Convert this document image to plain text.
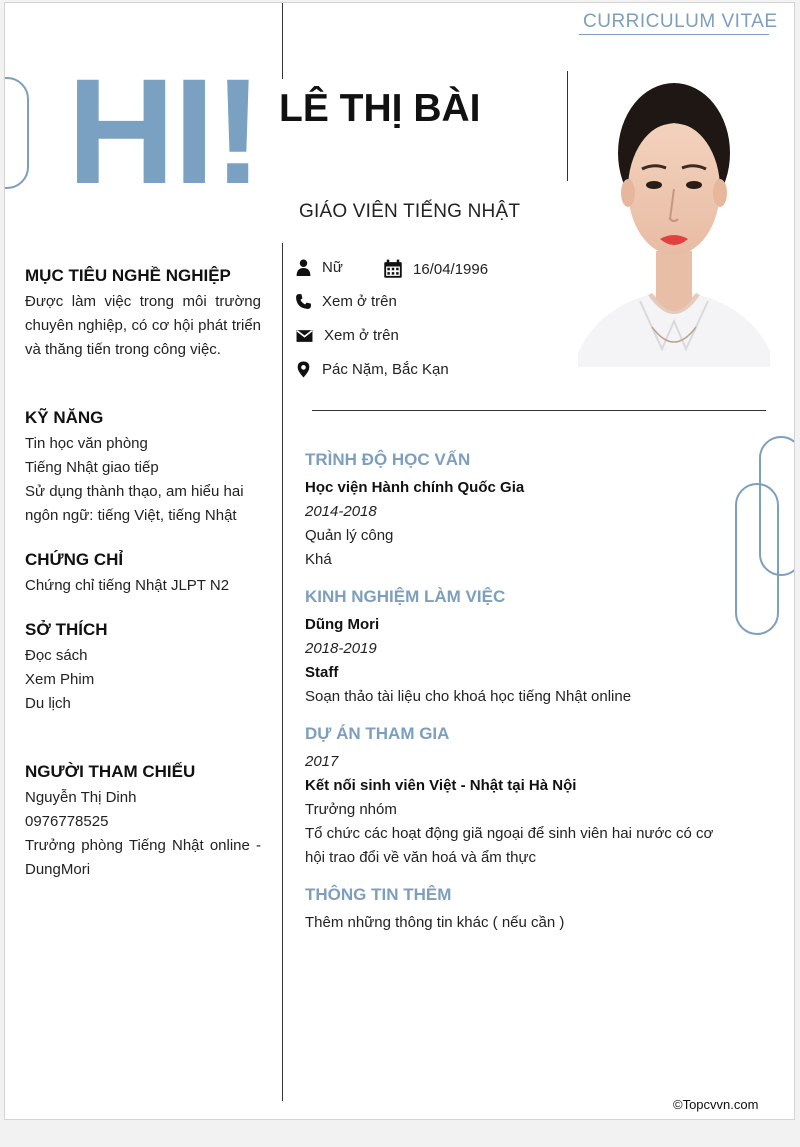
CURRICULUM VITAE
HI! LÊ THỊ BÀI
GIÁO VIÊN TIẾNG NHẬT
Nữ	16/04/1996
Xem ở trên
Xem ở trên
Pác Nặm, Bắc Kạn
MỤC TIÊU NGHỀ NGHIỆP

Được làm việc trong môi trường chuyên nghiệp, có cơ hội phát triển và thăng tiến trong công việc.

KỸ NĂNG

Tin học văn phòng

Tiếng Nhật giao tiếp

Sử dụng thành thạo, am hiểu hai ngôn ngữ: tiếng Việt, tiếng Nhật

CHỨNG CHỈ

Chứng chỉ tiếng Nhật JLPT N2

SỞ THÍCH

Đọc sách

Xem Phim

Du lịch

NGƯỜI THAM CHIẾU

Nguyễn Thị Dinh

0976778525

Trưởng phòng Tiếng Nhật online - DungMori

TRÌNH ĐỘ HỌC VẤN

Học viện Hành chính Quốc Gia

2014-2018

Quản lý công

Khá

KINH NGHIỆM LÀM VIỆC

Dũng Mori

2018-2019

Staff

Soạn thảo tài liệu cho khoá học tiếng Nhật online

DỰ ÁN THAM GIA

2017

Kết nối sinh viên Việt - Nhật tại Hà Nội

Trưởng nhóm

Tổ chức các hoạt động giã ngoại để sinh viên hai nước có cơ hội trao đổi về văn hoá và ẩm thực

THÔNG TIN THÊM

Thêm những thông tin khác ( nếu cần )

©Topcvvn.com
